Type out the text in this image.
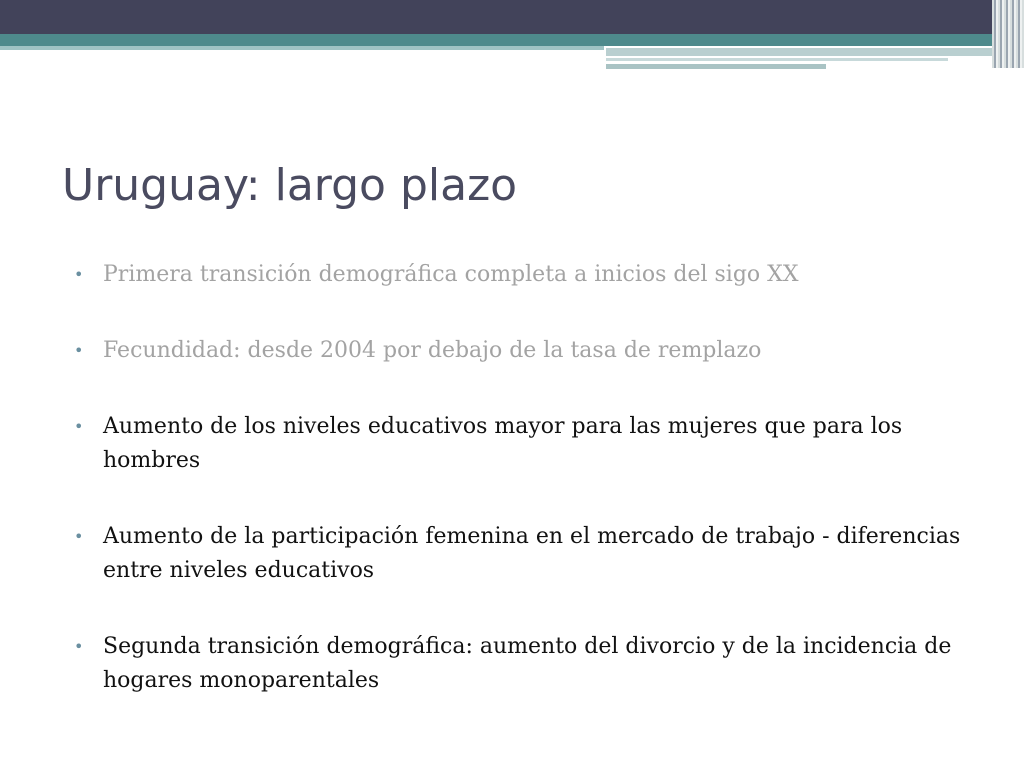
Uruguay: largo plazo
• Primera transición demográfica completa a inicios del sigo XX
• Fecundidad: desde 2004 por debajo de la tasa de remplazo
• Aumento de los niveles educativos mayor para las mujeres que para los hombres
• Aumento de la participación femenina en el mercado de trabajo - diferencias entre niveles educativos
• Segunda transición demográfica: aumento del divorcio y de la incidencia de hogares monoparentales
